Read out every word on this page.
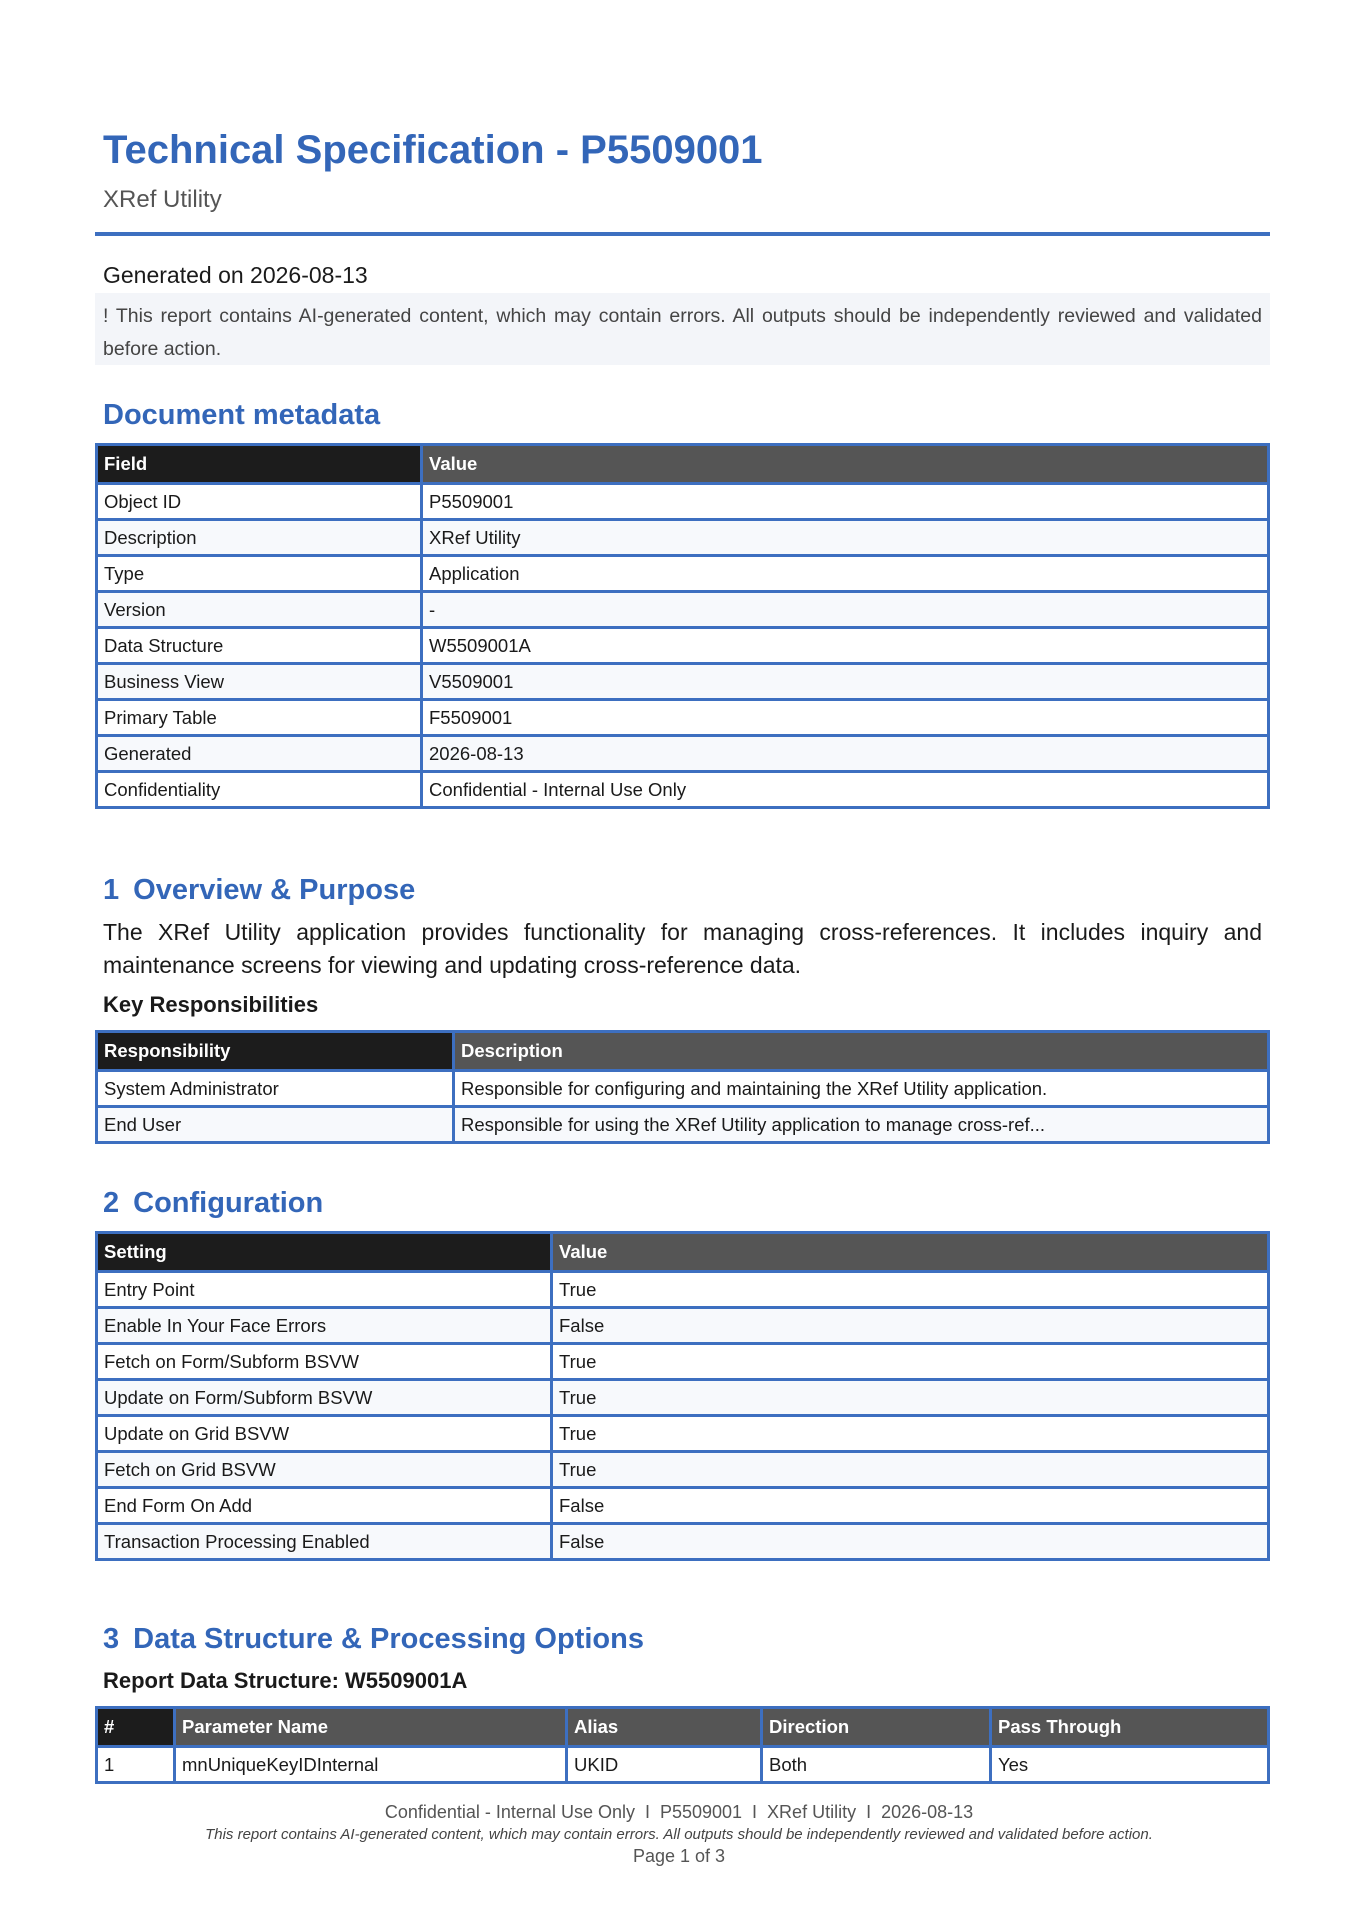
Technical Specification - P5509001
XRef Utility
Generated on 2026-08-13
! This report contains AI-generated content, which may contain errors. All outputs should be independently reviewed and validated before action.
Document metadata
Field	Value
Object ID	P5509001
Description	XRef Utility
Type	Application
Version	-
Data Structure	W5509001A
Business View	V5509001
Primary Table	F5509001
Generated	2026-08-13
Confidentiality	Confidential - Internal Use Only
1 Overview & Purpose

The XRef Utility application provides functionality for managing cross-references. It includes inquiry and maintenance screens for viewing and updating cross-reference data.

Key Responsibilities
Responsibility	Description
System Administrator	Responsible for configuring and maintaining the XRef Utility application.
End User	Responsible for using the XRef Utility application to manage cross-ref...
2 Configuration
Setting	Value
Entry Point	True
Enable In Your Face Errors	False
Fetch on Form/Subform BSVW	True
Update on Form/Subform BSVW	True
Update on Grid BSVW	True
Fetch on Grid BSVW	True
End Form On Add	False
Transaction Processing Enabled	False
3 Data Structure & Processing Options
Report Data Structure: W5509001A
#	Parameter Name	Alias	Direction	Pass Through
1	mnUniqueKeyIDInternal	UKID	Both	Yes
Confidential - Internal Use Only  I  P5509001  I  XRef Utility  I  2026-08-13
This report contains AI-generated content, which may contain errors. All outputs should be independently reviewed and validated before action.
Page 1 of 3
